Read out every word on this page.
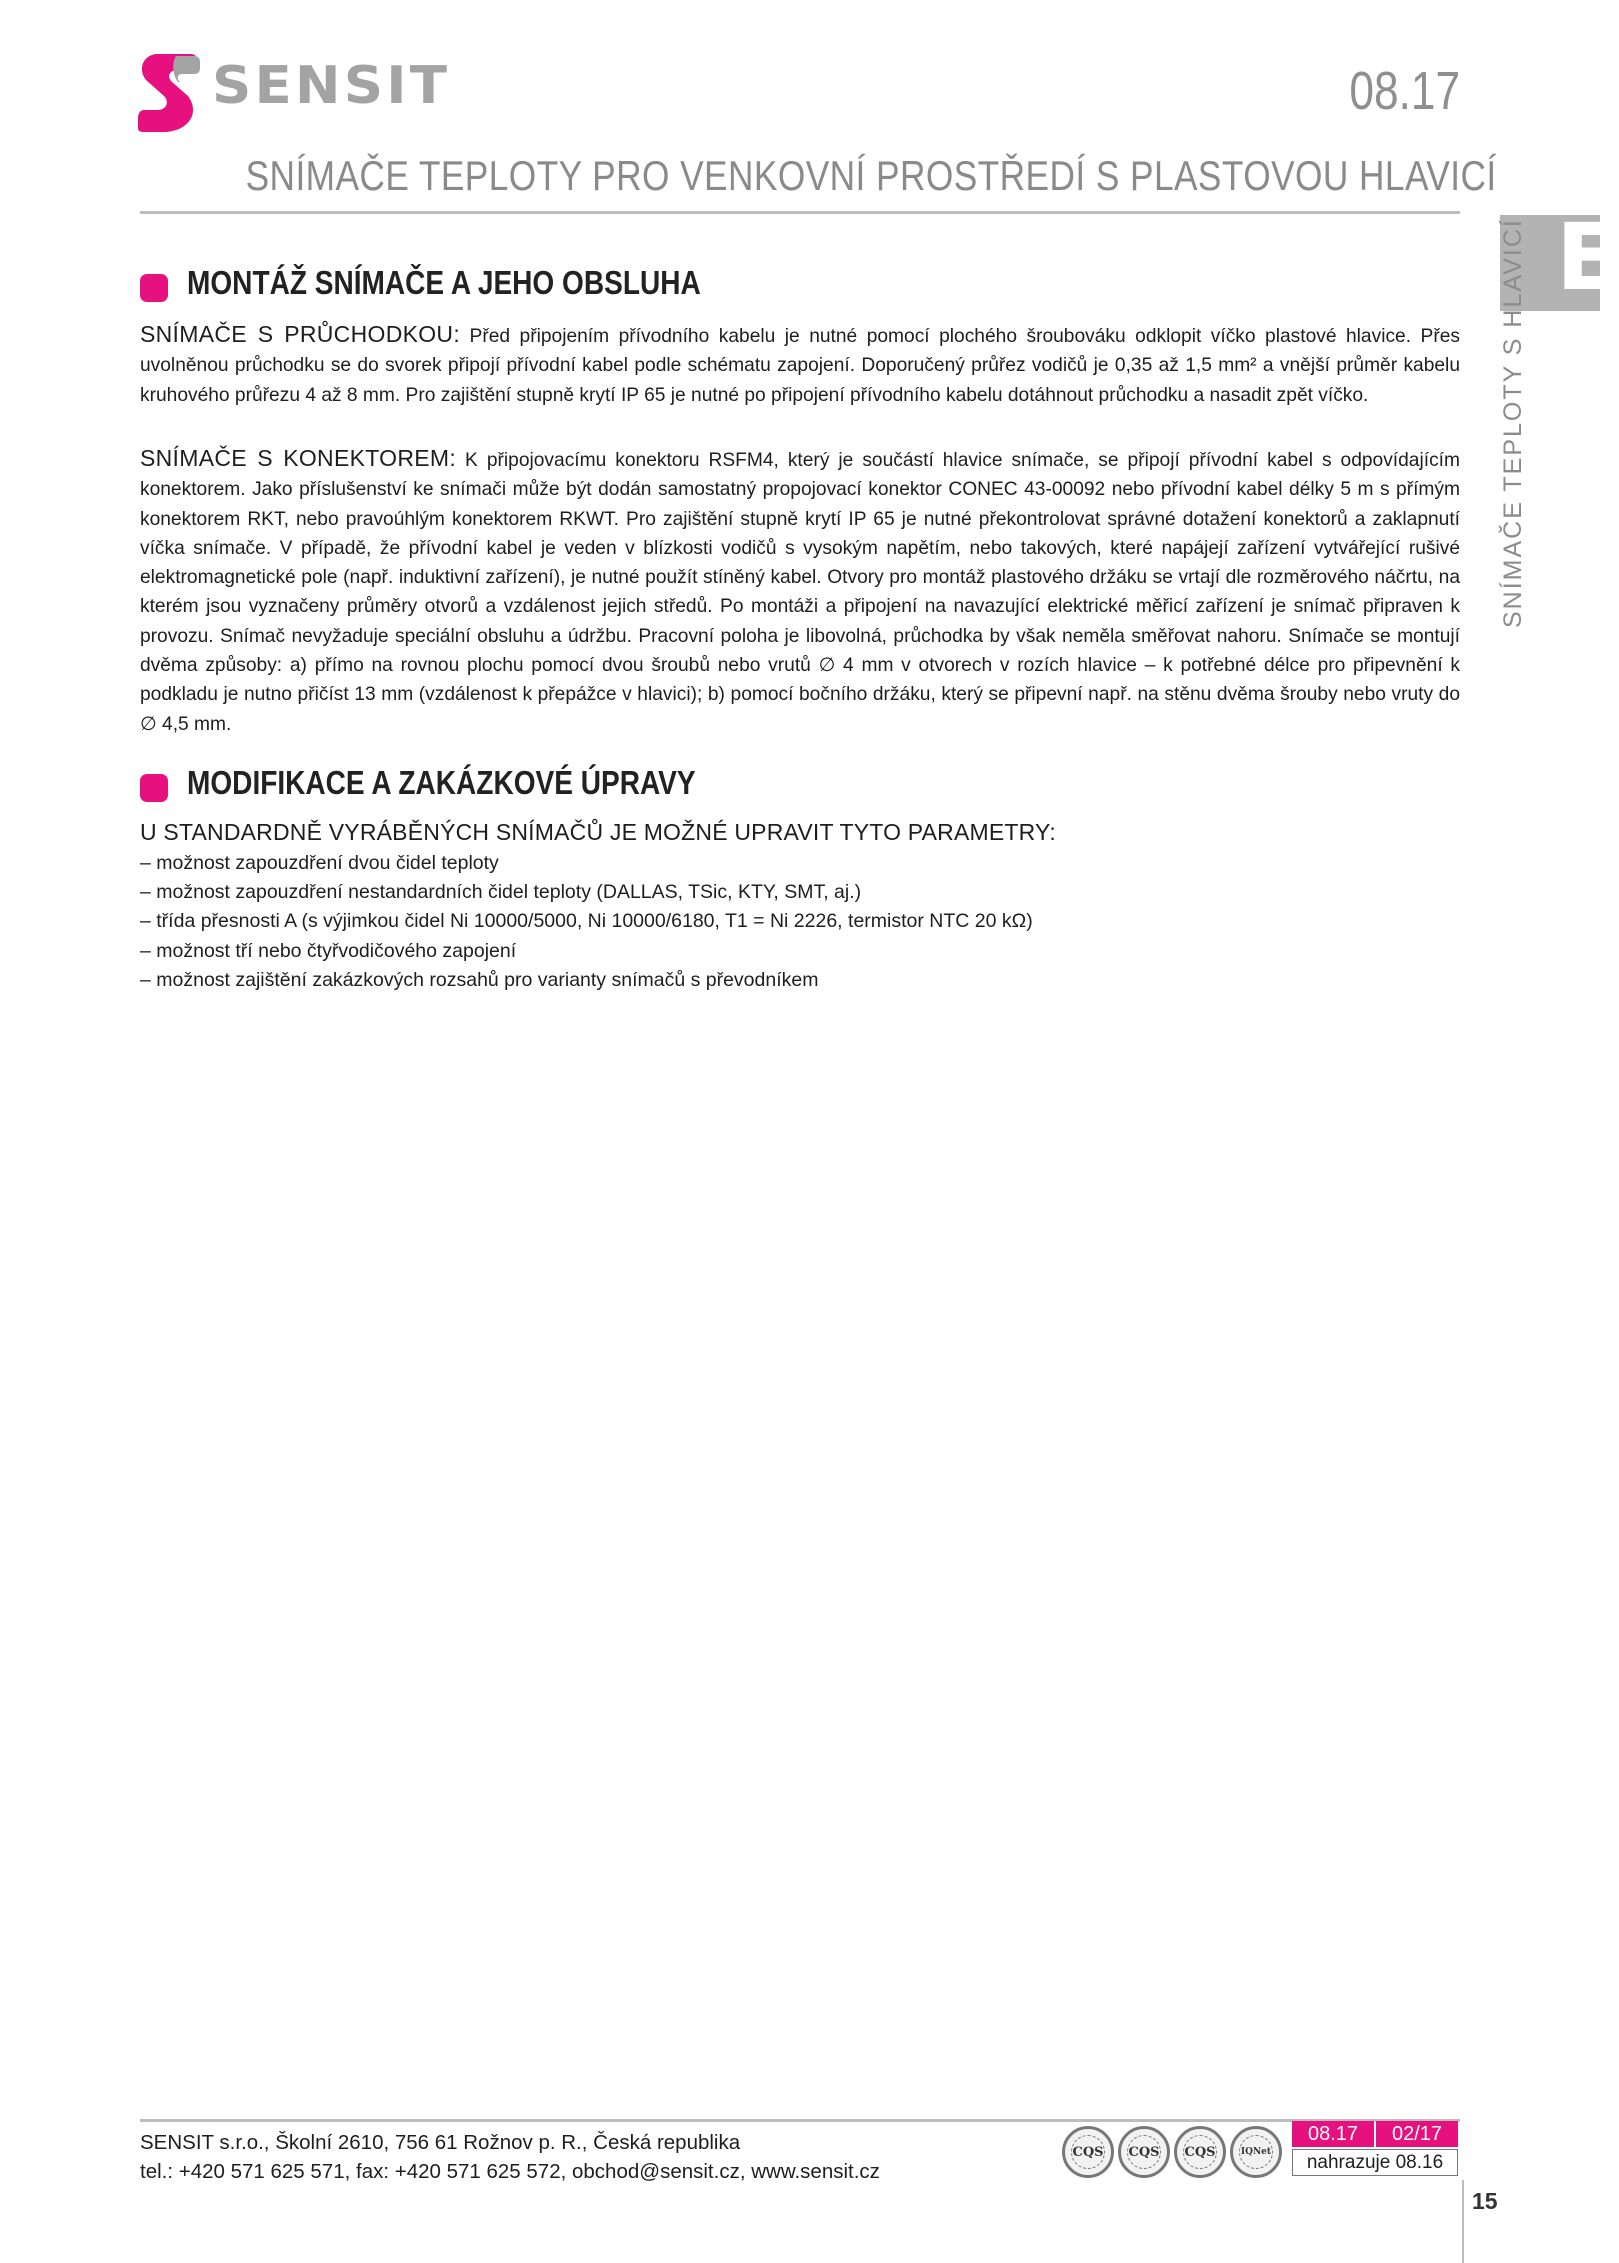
SENSIT	08.17
SNÍMAČE TEPLOTY PRO VENKOVNÍ PROSTŘEDÍ S PLASTOVOU HLAVICÍ
E
SNÍMAČE TEPLOTY S HLAVICÍ
MONTÁŽ SNÍMAČE A JEHO OBSLUHA
SNÍMAČE S PRŮCHODKOU: Před připojením přívodního kabelu je nutné pomocí plochého šroubováku odklopit víčko plastové hlavice. Přes uvolněnou průchodku se do svorek připojí přívodní kabel podle schématu zapojení. Doporučený průřez vodičů je 0,35 až 1,5 mm² a vnější průměr kabelu kruhového průřezu 4 až 8 mm. Pro zajištění stupně krytí IP 65 je nutné po připojení přívodního kabelu dotáhnout průchodku a nasadit zpět víčko.
SNÍMAČE S KONEKTOREM: K připojovacímu konektoru RSFM4, který je součástí hlavice snímače, se připojí přívodní kabel s odpovídajícím konektorem. Jako příslušenství ke snímači může být dodán samostatný propojovací konektor CONEC 43-00092 nebo přívodní kabel délky 5 m s přímým konektorem RKT, nebo pravoúhlým konektorem RKWT. Pro zajištění stupně krytí IP 65 je nutné překontrolovat správné dotažení konektorů a zaklapnutí víčka snímače. V případě, že přívodní kabel je veden v blízkosti vodičů s vysokým napětím, nebo takových, které napájejí zařízení vytvářející rušivé elektromagnetické pole (např. induktivní zařízení), je nutné použít stíněný kabel. Otvory pro montáž plastového držáku se vrtají dle rozměrového náčrtu, na kterém jsou vyznačeny průměry otvorů a vzdálenost jejich středů. Po montáži a připojení na navazující elektrické měřicí zařízení je snímač připraven k provozu. Snímač nevyžaduje speciální obsluhu a údržbu. Pracovní poloha je libovolná, průchodka by však neměla směřovat nahoru. Snímače se montují dvěma způsoby: a) přímo na rovnou plochu pomocí dvou šroubů nebo vrutů ∅ 4 mm v otvorech v rozích hlavice – k potřebné délce pro připevnění k podkladu je nutno přičíst 13 mm (vzdálenost k přepážce v hlavici); b) pomocí bočního držáku, který se připevní např. na stěnu dvěma šrouby nebo vruty do ∅ 4,5 mm.
MODIFIKACE A ZAKÁZKOVÉ ÚPRAVY
U STANDARDNĚ VYRÁBĚNÝCH SNÍMAČŮ JE MOŽNÉ UPRAVIT TYTO PARAMETRY:
– možnost zapouzdření dvou čidel teploty
– možnost zapouzdření nestandardních čidel teploty (DALLAS, TSic, KTY, SMT, aj.)
– třída přesnosti A (s výjimkou čidel Ni 10000/5000, Ni 10000/6180, T1 = Ni 2226, termistor NTC 20 kΩ)
– možnost tří nebo čtyřvodičového zapojení
– možnost zajištění zakázkových rozsahů pro varianty snímačů s převodníkem
SENSIT s.r.o., Školní 2610, 756 61 Rožnov p. R., Česká republika
tel.: +420 571 625 571, fax: +420 571 625 572, obchod@sensit.cz, www.sensit.cz
CQS CQS CQS	IQNet
08.17	02/17
nahrazuje 08.16
15
